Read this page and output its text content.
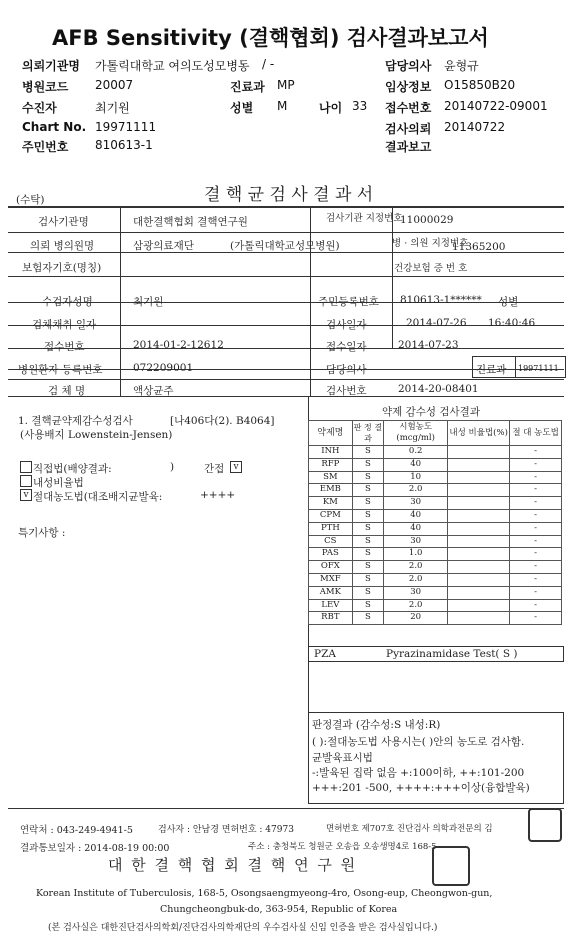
AFB Sensitivity (결핵협회) 검사결과보고서
의뢰기관명 가톨릭대학교 여의도성모병동 / -	담당의사 윤형규
병원코드 20007	진료과 MP	임상정보 O15850B20
수진자	최기원	성별 M	나이 33 접수번호 20140722-09001
Chart No. 19971111	검사의뢰 20140722
주민번호 810613-1	결과보고
(수탁)	결 핵 균 검 사 결 과 서
검사기관명	대한결핵협회 결핵연구원	검사기관 지정번호
11000029
의뢰 병의원명	삼광의료재단	(가톨릭대학교성모병원)	병 · 의원 지정번호
11365200
보험자기호(명칭)	건강보험 증 번 호
수검자성명	최기원	주민등록번호 810613-1****** 성별
검체채취 일자	검사일자	2014-07-26 16:40:46
접수번호	2014-01-2-12612	접수일자	2014-07-23
병원환자 등록번호	072209001	담당의사	진료과 19971111
검 체 명	액상균주	검사번호	2014-20-08401
1. 결핵균약제감수성검사	[나406다(2). B4064]
(사용배지 Lowenstein-Jensen)
직접법(배양결과:	)	간접	v
내성비율법
v 절대농도법(대조배지균발육:	++++
특기사항 :
약제 감수성 검사결과
약제명	판 정 결 과	시험농도 (mcg/ml)	내성 비율법(%)	절 대 농도법
INH	S	0.2		-
RFP	S	40		-
SM	S	10		-
EMB	S	2.0		-
KM	S	30		-
CPM	S	40		-
PTH	S	40		-
CS	S	30		-
PAS	S	1.0		-
OFX	S	2.0		-
MXF	S	2.0		-
AMK	S	30		-
LEV	S	2.0		-
RBT	S	20		-
PZA	Pyrazinamidase Test( S )
판정결과 (감수성:S 내성:R)
( ):절대농도법 사용시는( )안의 농도로 검사함.
균발육표시법
-:발육된 집락 없음 +:100이하, ++:101-200
+++:201 -500, ++++:+++이상(융합발육)
연락처 : 043-249-4941-5	검사자 : 안남경 면허번호 : 47973	면허번호 제707호 진단검사 의학과전문의 김
결과통보일자 : 2014-08-19 00:00	주소 : 충청북도 청원군 오송읍 오송생명4로 168-5
대 한 결 핵 협 회 결 핵 연 구 원
Korean Institute of Tuberculosis, 168-5, Osongsaengmyeong-4ro, Osong-eup, Cheongwon-gun,
Chungcheongbuk-do, 363-954, Republic of Korea
(본 검사실은 대한진단검사의학회/진단검사의학재단의 우수검사실 신임 인증을 받은 검사실입니다.)
